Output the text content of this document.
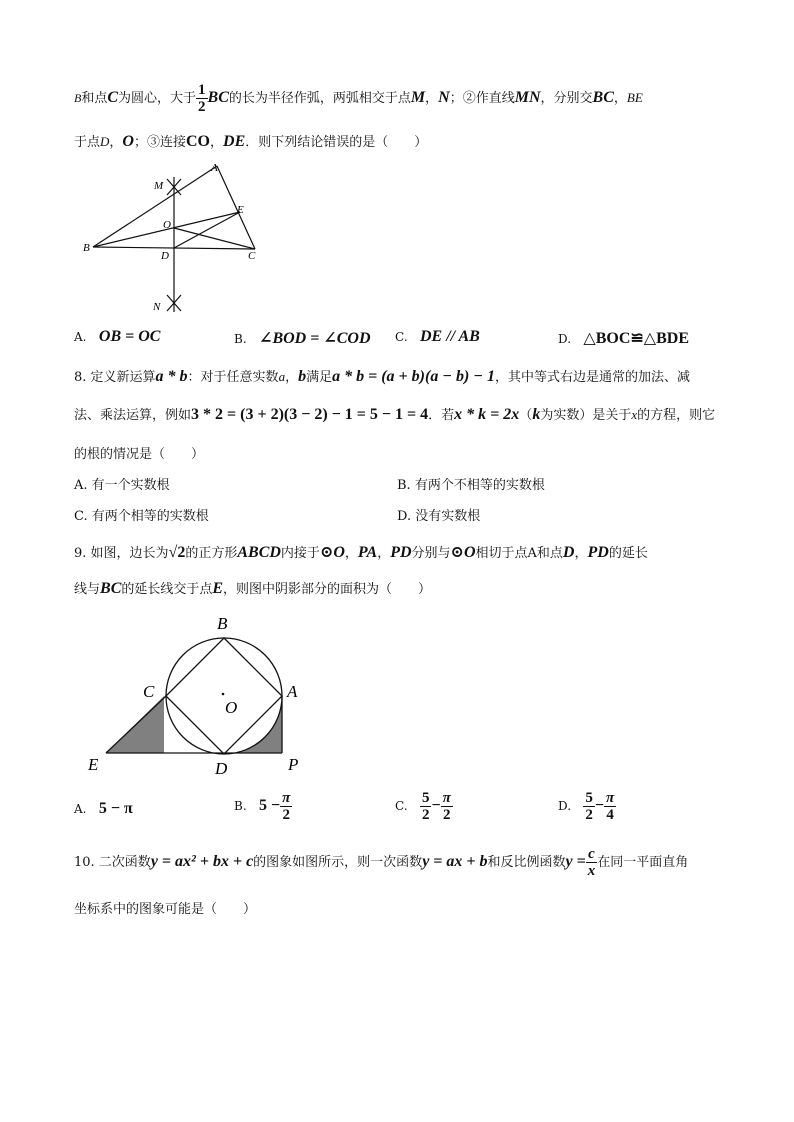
B和点C为圆心，大于 $\frac{1}{2}$ BC的长为半径作弧，两弧相交于点M，N；②作直线MN，分别交BC，BE
于点D，O；③连接CO，DE．则下列结论错误的是（　　）
A
B
C
D
E
M
N
O
A. OB = OC	B. ∠BOD = ∠COD C. DE // AB	D. △BOC≌△BDE
8. 定义新运算a * b：对于任意实数a，b满足a * b = (a + b)(a − b) − 1，其中等式右边是通常的加法、减
法、乘法运算，例如3 * 2 = (3 + 2)(3 − 2) − 1 = 5 − 1 = 4．若x * k = 2x（k为实数）是关于x的方程，则它
的根的情况是（　　）
A. 有一个实数根	B. 有两个不相等的实数根
C. 有两个相等的实数根	D. 没有实数根
9. 如图，边长为√2的正方形ABCD内接于⊙O，PA，PD分别与⊙O相切于点A和点D，PD的延长
线与BC的延长线交于点E，则图中阴影部分的面积为（　　）
B
C	A
O
E	D	P
A. 5 − π	B. $5 - \frac{\pi}{2}$	C. $\frac{5}{2} - \frac{\pi}{2}$	D. $\frac{5}{2} - \frac{\pi}{4}$
10. 二次函数y = ax² + bx + c的图象如图所示，则一次函数y = ax + b和反比例函数$y = \frac{c}{x}$ 在同一平面直角
坐标系中的图象可能是（　　）
